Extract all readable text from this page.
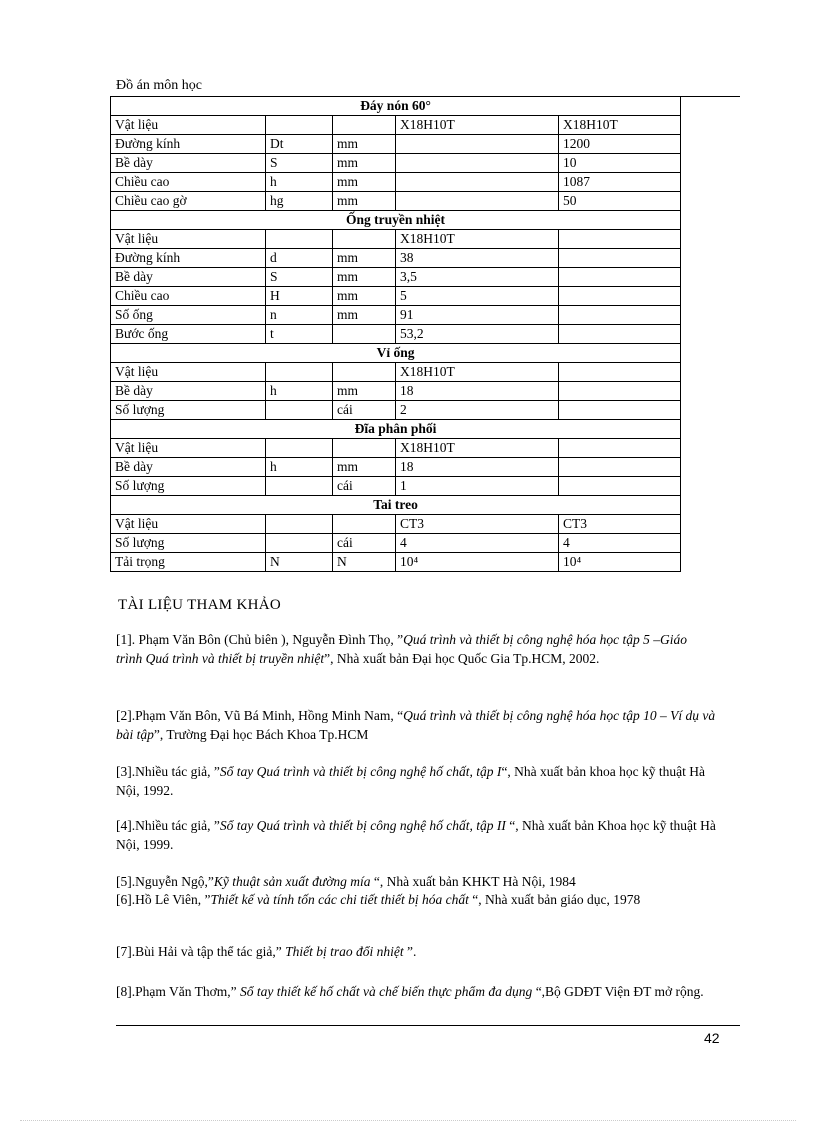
Đồ án môn học
Đáy nón 60°				
Vật liệu			X18H10T	X18H10T
Đường kính	Dt	mm		1200
Bề dày	S	mm		10
Chiều cao	h	mm		1087
Chiều cao gờ	hg	mm		50
Ống truyền nhiệt				
Vật liệu			X18H10T	
Đường kính	d	mm	38	
Bề dày	S	mm	3,5	
Chiều cao	H	mm	5	
Số ống	n	mm	91	
Bước ống	t		53,2	
Vỉ ống				
Vật liệu			X18H10T	
Bề dày	h	mm	18	
Số lượng		cái	2	
Đĩa phân phối				
Vật liệu			X18H10T	
Bề dày	h	mm	18	
Số lượng		cái	1	
Tai treo				
Vật liệu			CT3	CT3
Số lượng		cái	4	4
Tải trọng	N	N	10⁴	10⁴
TÀI LIỆU THAM KHẢO
[1]. Phạm Văn Bôn (Chủ biên ), Nguyễn Đình Thọ, ”Quá trình và thiết bị công nghệ hóa học tập 5 –Giáo trình Quá trình và thiết bị truyền nhiệt”, Nhà xuất bản Đại học Quốc Gia Tp.HCM, 2002.
[2].Phạm Văn Bôn, Vũ Bá Minh, Hồng Minh Nam, “Quá trình và thiết bị công nghệ hóa học tập 10 – Ví dụ và bài tập”, Trường Đại học Bách Khoa Tp.HCM
[3].Nhiều tác giả, ”Sổ tay Quá trình và thiết bị công nghệ hố chất, tập I“, Nhà xuất bản khoa học kỹ thuật Hà Nội, 1992.
[4].Nhiều tác giả, ”Sổ tay Quá trình và thiết bị công nghệ hố chất, tập II “, Nhà xuất bản Khoa học kỹ thuật Hà Nội, 1999.
[5].Nguyễn Ngộ,”Kỹ thuật sản xuất đường mía “, Nhà xuất bản KHKT Hà Nội, 1984
[6].Hồ Lê Viên, ”Thiết kế và tính tốn các chi tiết thiết bị hóa chất “, Nhà xuất bản giáo dục, 1978
[7].Bùi Hải và tập thể tác giả,” Thiết bị trao đổi nhiệt ”.
[8].Phạm Văn Thơm,” Sổ tay thiết kế hố chất và chế biến thực phẩm đa dụng “,Bộ GDĐT Viện ĐT mở rộng.
42
